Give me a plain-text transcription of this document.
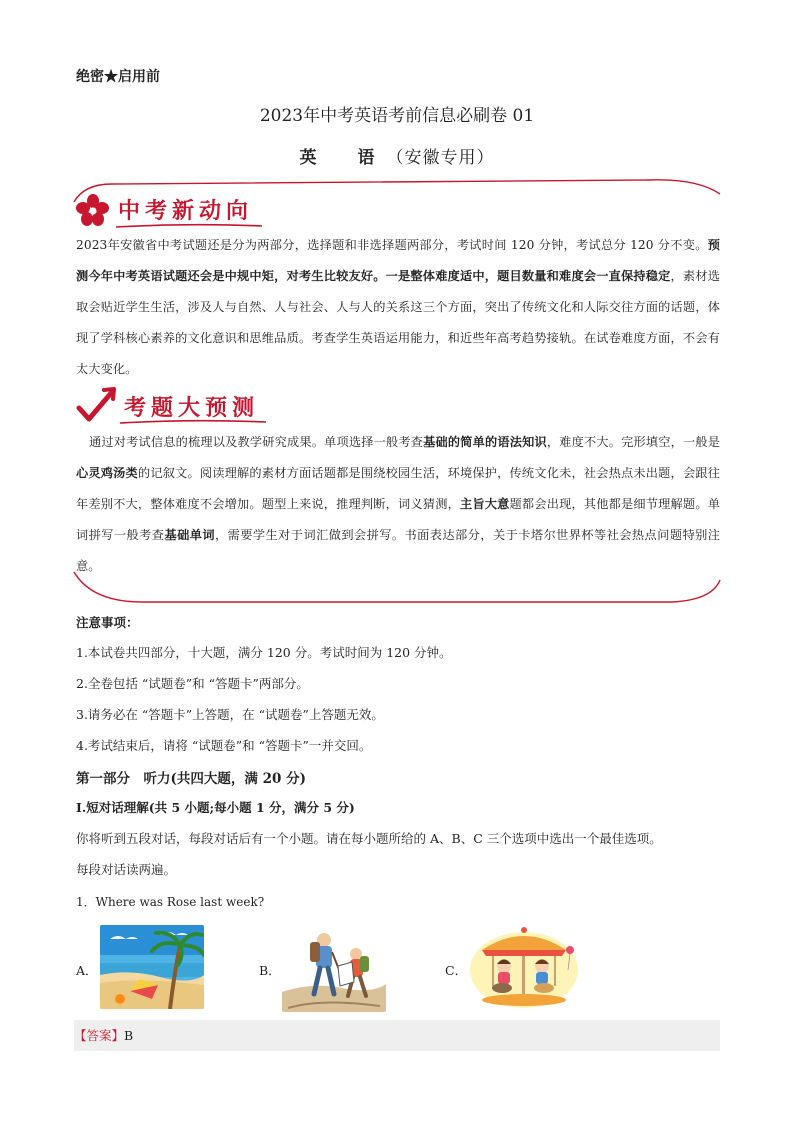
绝密★启用前
2023年中考英语考前信息必刷卷 01
英　语（安徽专用）
中考新动向
2023年安徽省中考试题还是分为两部分，选择题和非选择题两部分，考试时间 120 分钟，考试总分 120 分不变。预测今年中考英语试题还会是中规中矩，对考生比较友好。一是整体难度适中，题目数量和难度会一直保持稳定，素材选取会贴近学生生活，涉及人与自然、人与社会、人与人的关系这三个方面，突出了传统文化和人际交往方面的话题，体现了学科核心素养的文化意识和思维品质。考查学生英语运用能力，和近些年高考趋势接轨。在试卷难度方面，不会有太大变化。
考题大预测
通过对考试信息的梳理以及教学研究成果。单项选择一般考查基础的简单的语法知识，难度不大。完形填空，一般是心灵鸡汤类的记叙文。阅读理解的素材方面话题都是围绕校园生活，环境保护，传统文化未，社会热点未出题，会跟往年差别不大，整体难度不会增加。题型上来说，推理判断，词义猜测，主旨大意题都会出现，其他都是细节理解题。单词拼写一般考查基础单词，需要学生对于词汇做到会拼写。书面表达部分，关于卡塔尔世界杯等社会热点问题特别注意。
注意事项：
1.本试卷共四部分，十大题，满分 120 分。考试时间为 120 分钟。
2.全卷包括 “试题卷”和 “答题卡”两部分。
3.请务必在 “答题卡”上答题，在 “试题卷”上答题无效。
4.考试结束后，请将 “试题卷”和 “答题卡”一并交回。
第一部分　听力(共四大题，满 20 分)
Ⅰ.短对话理解(共 5 小题;每小题 1 分，满分 5 分)
你将听到五段对话，每段对话后有一个小题。请在每小题所给的 A、B、C 三个选项中选出一个最佳选项。
每段对话读两遍。
1．Where was Rose last week?
A．	B．	C．
【答案】B
